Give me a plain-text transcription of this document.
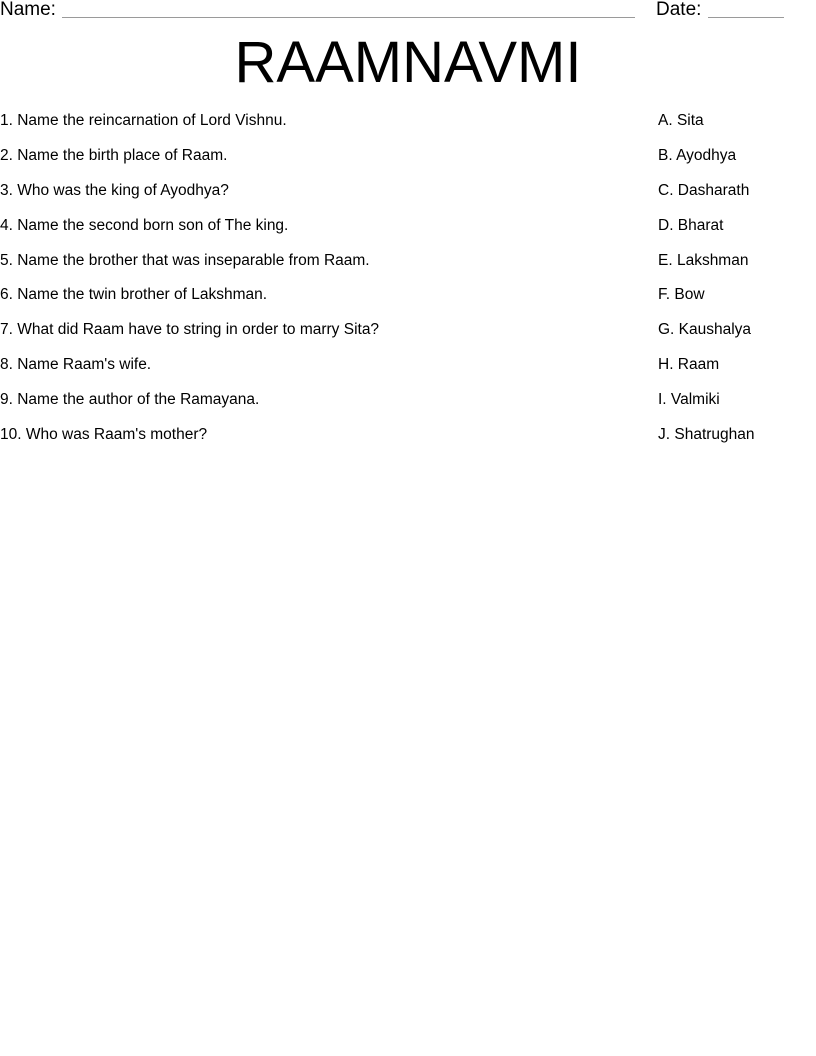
Name:	Date:
RAAMNAVMI
1. Name the reincarnation of Lord Vishnu.
2. Name the birth place of Raam.
3. Who was the king of Ayodhya?
4. Name the second born son of The king.
5. Name the brother that was inseparable from Raam.
6. Name the twin brother of Lakshman.
7. What did Raam have to string in order to marry Sita?
8. Name Raam's wife.
9. Name the author of the Ramayana.
10. Who was Raam's mother?
A. Sita
B. Ayodhya
C. Dasharath
D. Bharat
E. Lakshman
F. Bow
G. Kaushalya
H. Raam
I. Valmiki
J. Shatrughan
